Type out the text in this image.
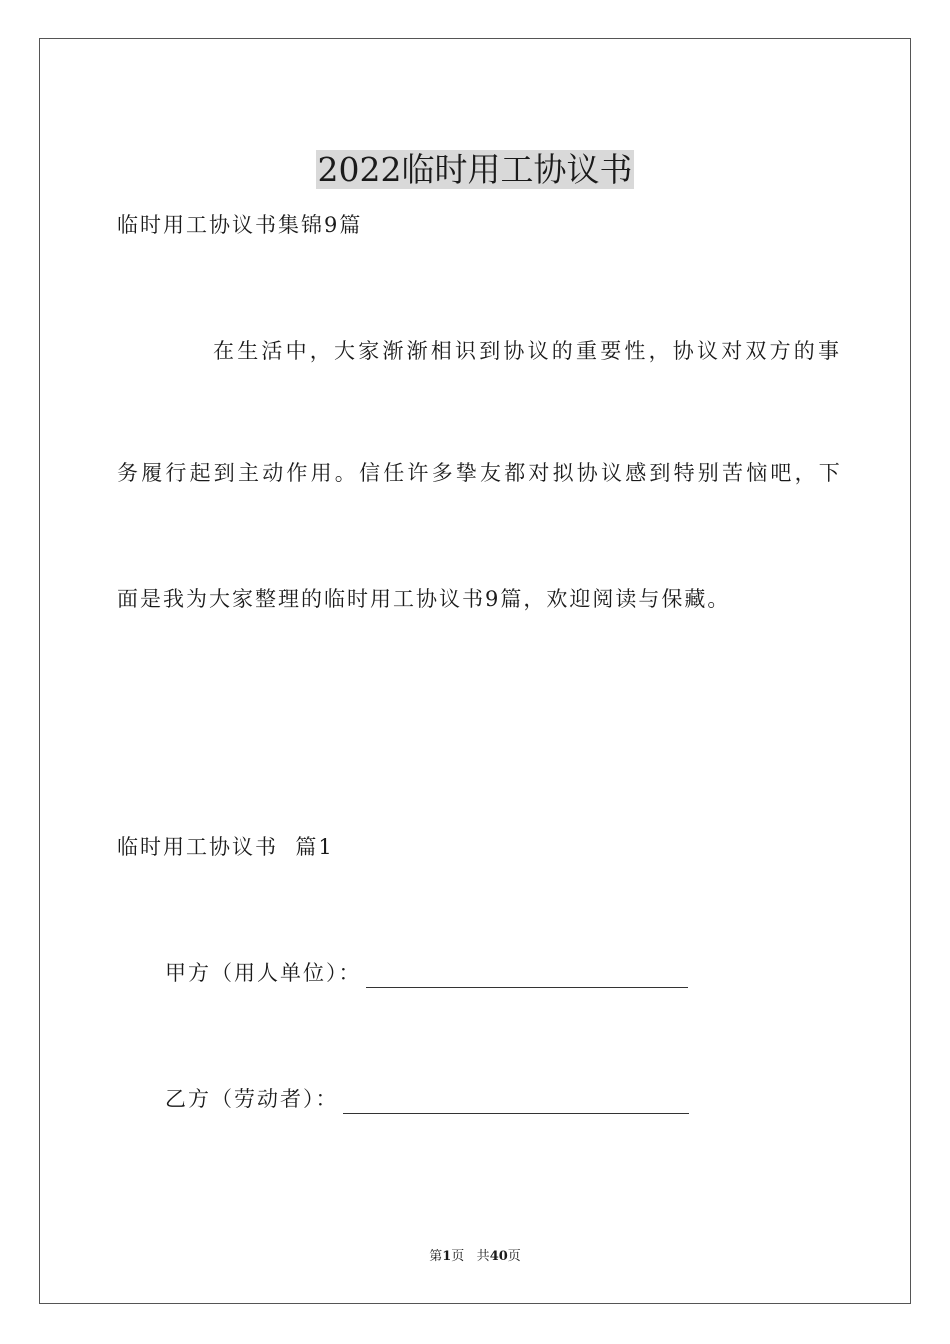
2022临时用工协议书
临时用工协议书集锦9篇
在生活中，大家渐渐相识到协议的重要性，协议对双方的事
务履行起到主动作用。信任许多挚友都对拟协议感到特别苦恼吧，下
面是我为大家整理的临时用工协议书9篇，欢迎阅读与保藏。
临时用工协议书  篇1
甲方（用人单位）：
乙方（劳动者）：
第1页 共40页
